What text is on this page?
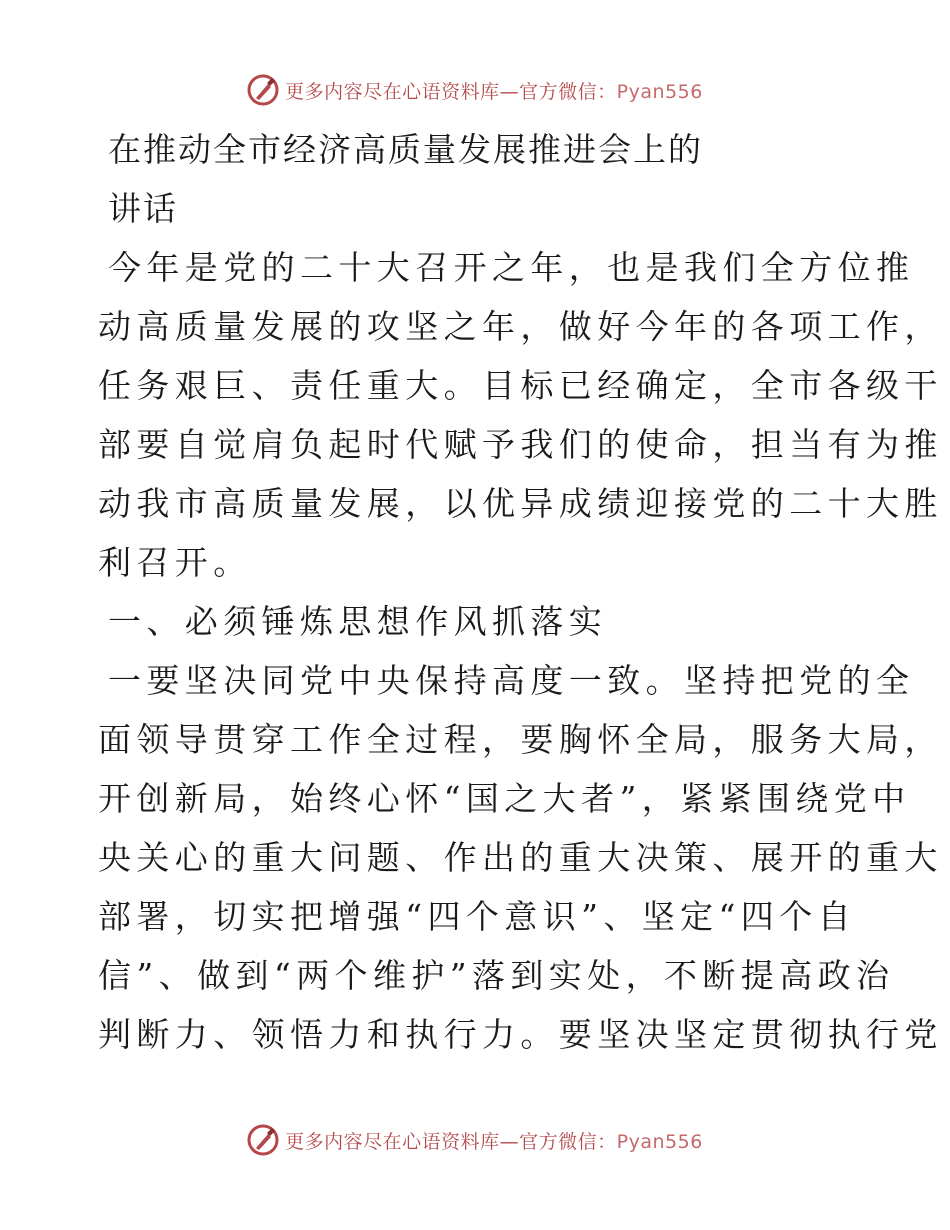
更多内容尽在心语资料库—官方微信：Pyan556
在推动全市经济高质量发展推进会上的
讲话
今年是党的二十大召开之年，也是我们全方位推
动高质量发展的攻坚之年，做好今年的各项工作，
任务艰巨、责任重大。目标已经确定，全市各级干
部要自觉肩负起时代赋予我们的使命，担当有为推
动我市高质量发展，以优异成绩迎接党的二十大胜
利召开。
一、必须锤炼思想作风抓落实
一要坚决同党中央保持高度一致。坚持把党的全
面领导贯穿工作全过程，要胸怀全局，服务大局，
开创新局，始终心怀“国之大者”，紧紧围绕党中
央关心的重大问题、作出的重大决策、展开的重大
部署，切实把增强“四个意识”、坚定“四个自
信”、做到“两个维护”落到实处，不断提高政治
判断力、领悟力和执行力。要坚决坚定贯彻执行党
更多内容尽在心语资料库—官方微信：Pyan556
